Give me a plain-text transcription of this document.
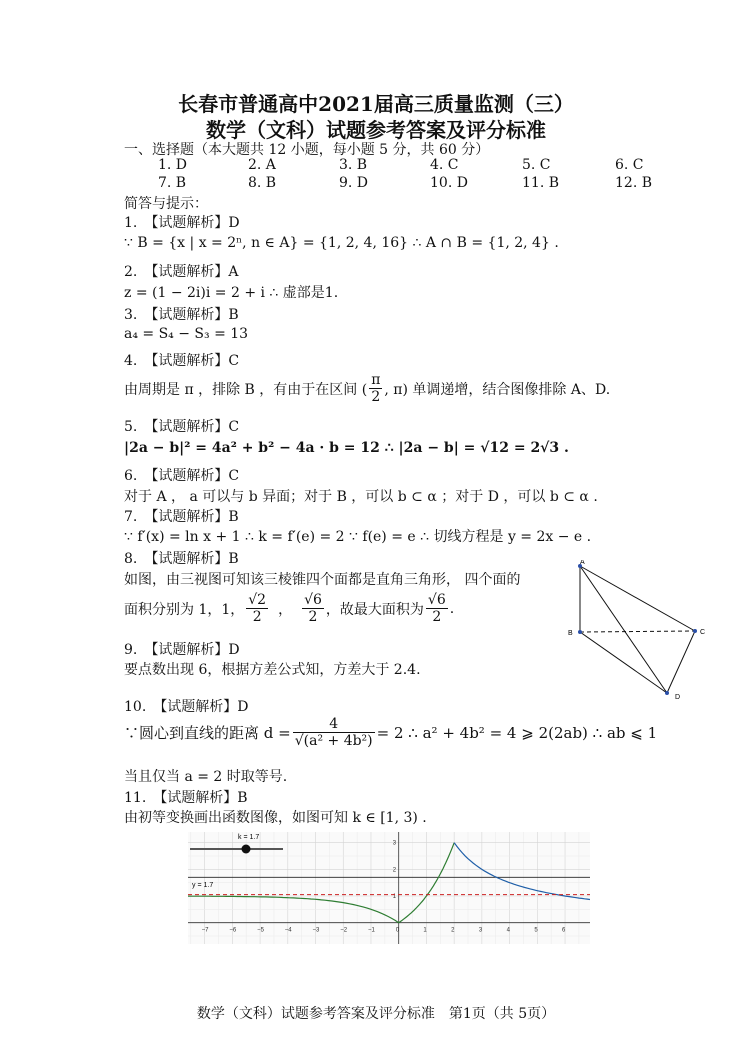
长春市普通高中2021届高三质量监测（三）
数学（文科）试题参考答案及评分标准
一、选择题（本大题共 12 小题，每小题 5 分，共 60 分）
1. D	2. A	3. B	4. C	5. C	6. C
7. B	8. B	9. D	10. D	11. B	12. B
简答与提示：
1.　【试题解析】D
∵ B = {x | x = 2ⁿ, n ∈ A} = {1, 2, 4, 16} ∴ A ∩ B = {1, 2, 4} .
2.　【试题解析】A
z = (1 − 2i)i = 2 + i ∴ 虚部是1.
3.　【试题解析】B
a₄ = S₄ − S₃ = 13
4.　【试题解析】C
由周期是 π ，排除 B ，有由于在区间 ( $\frac{\pi}{2}$ , π) 单调递增，结合图像排除 A、D.
5.　【试题解析】C
|2a − b|² = 4a² + b² − 4a · b = 12 ∴ |2a − b| = √12 = 2√3 .
6.　【试题解析】C
对于 A ， a 可以与 b 异面；对于 B ，可以 b ⊂ α ；对于 D ，可以 b ⊂ α .
7.　【试题解析】B
∵ f′(x) = ln x + 1 ∴ k = f′(e) = 2 ∵ f(e) = e ∴ 切线方程是 y = 2x − e .
8.　【试题解析】B
如图，由三视图可知该三棱锥四个面都是直角三角形， 四个面的
面积分别为 1，1， $\frac{√2}{2}$ ， $\frac{√6}{2}$ ，故最大面积为 $\frac{√6}{2}$ .
A
B	C
D
9.　【试题解析】D
要点数出现 6，根据方差公式知，方差大于 2.4.
10.　【试题解析】D
∵圆心到直线的距离 $d = \frac{4}{\text{√(a² + 4b²)}} = 2$ ∴ a² + 4b² = 4 ⩾ 2(2ab) ∴ ab ⩽ 1
当且仅当 a = 2 时取等号.
11.　【试题解析】B
由初等变换画出函数图像，如图可知 k ∈ [1, 3) .
−7	−6	−5	−4	−3	−2	−1	0	1	2	3	4	5	6
3
2
1
k = 1.7
y = 1.7
数学（文科）试题参考答案及评分标准　第1页（共 5页）
